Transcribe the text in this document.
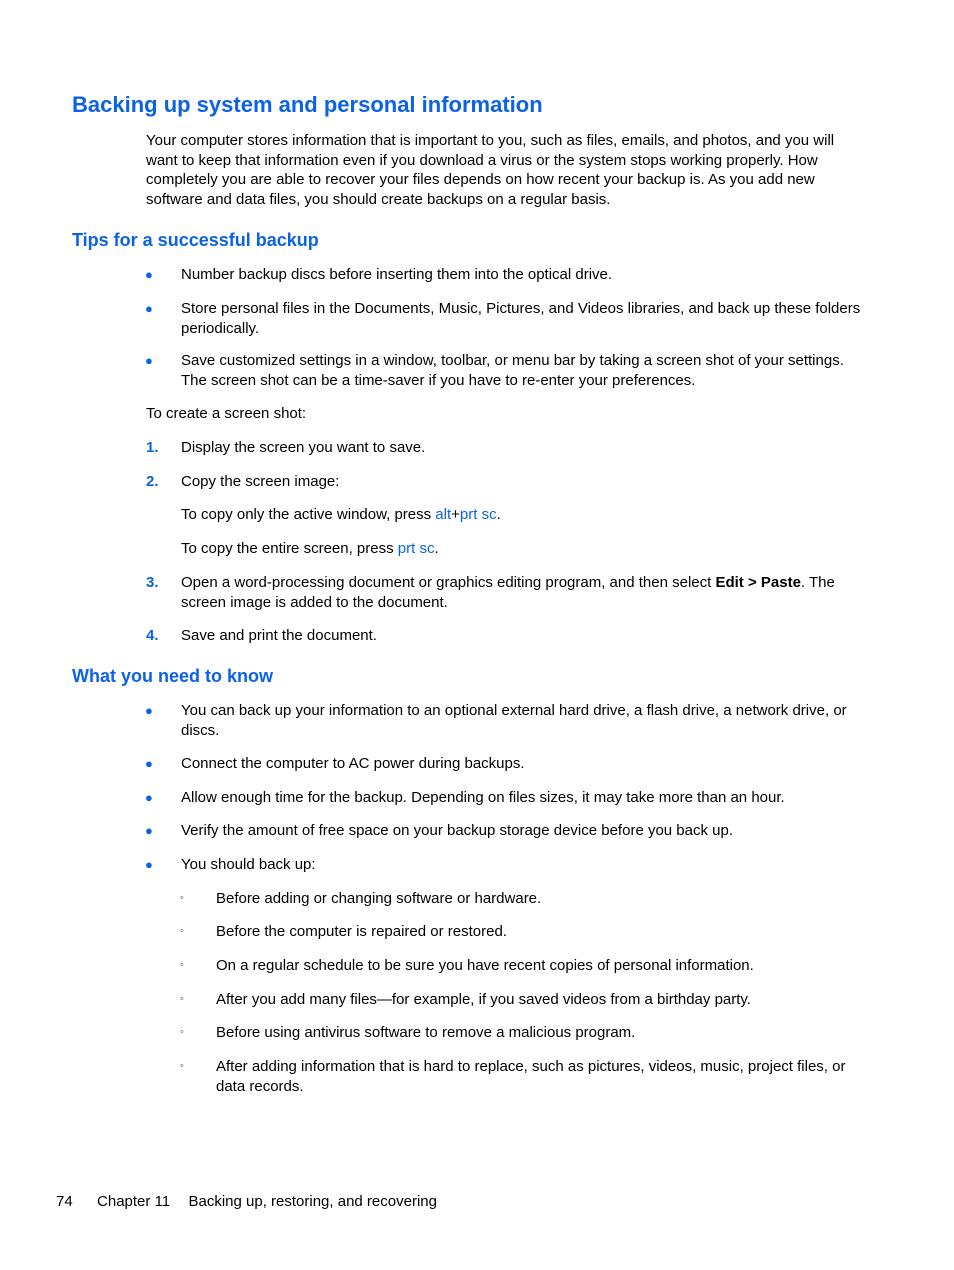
Backing up system and personal information

Your computer stores information that is important to you, such as files, emails, and photos, and you will want to keep that information even if you download a virus or the system stops working properly. How completely you are able to recover your files depends on how recent your backup is. As you add new software and data files, you should create backups on a regular basis.

Tips for a successful backup
● Number backup discs before inserting them into the optical drive.
● Store personal files in the Documents, Music, Pictures, and Videos libraries, and back up these folders periodically.
● Save customized settings in a window, toolbar, or menu bar by taking a screen shot of your settings. The screen shot can be a time-saver if you have to re-enter your preferences.

To create a screen shot:

1.	Display the screen you want to save.
2.	Copy the screen image:
To copy only the active window, press alt+prt sc.
To copy the entire screen, press prt sc.
3.	Open a word-processing document or graphics editing program, and then select Edit > Paste. The screen image is added to the document.
4.	Save and print the document.
What you need to know
● You can back up your information to an optional external hard drive, a flash drive, a network drive, or discs.
● Connect the computer to AC power during backups.
● Allow enough time for the backup. Depending on files sizes, it may take more than an hour.
● Verify the amount of free space on your backup storage device before you back up.
● You should back up:
◦	Before adding or changing software or hardware.
◦	Before the computer is repaired or restored.
◦	On a regular schedule to be sure you have recent copies of personal information.
◦	After you add many files—for example, if you saved videos from a birthday party.
◦	Before using antivirus software to remove a malicious program.
◦	After adding information that is hard to replace, such as pictures, videos, music, project files, or data records.
74 Chapter 11 Backing up, restoring, and recovering
